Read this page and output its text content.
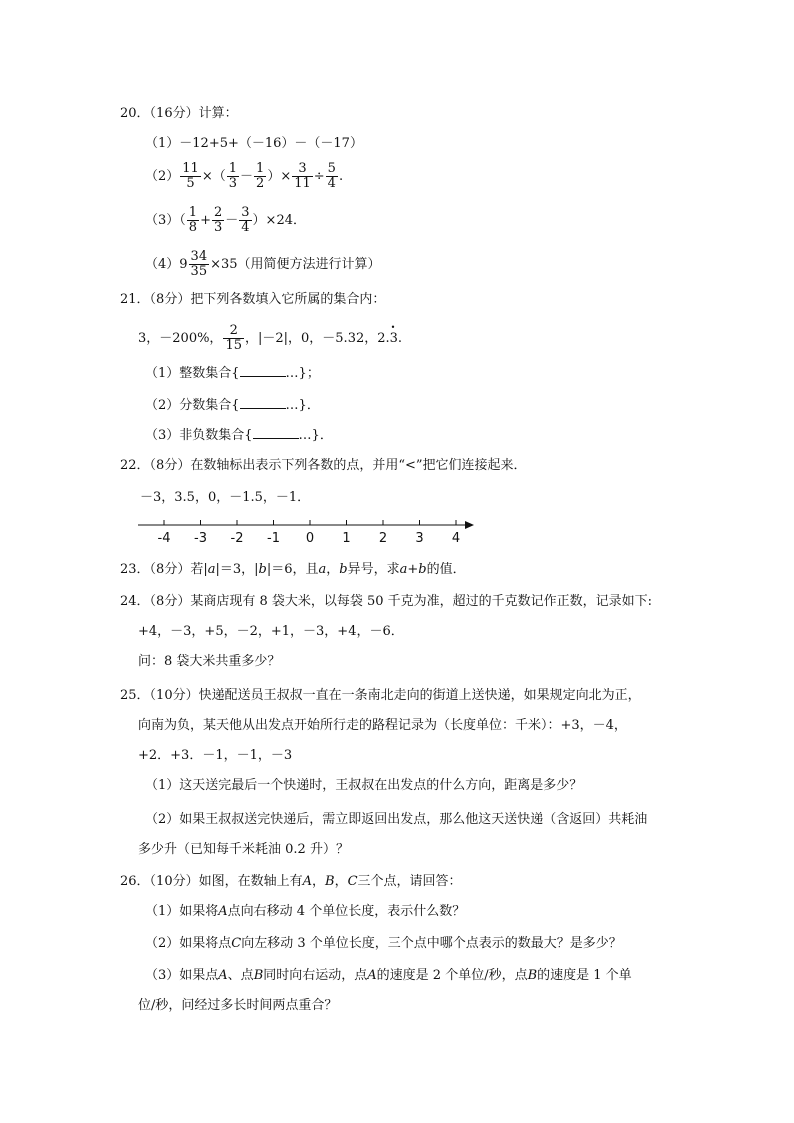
20．（16分）计算：
（1）－12+5+（－16）－（－17）
$(2) \frac{11}{5}$ ×（ $\frac{1}{3} - \frac{1}{2}$ ）× $\frac{3}{11} \div \frac{5}{4}$ .
$(3)( \frac{1}{8} + \frac{2}{3} - \frac{3}{4} )\times 24$．
$(4)9 \frac{34}{35} \times 35$（用简便方法进行计算）
21．（8分）把下列各数填入它所属的集合内：
3，－200%， $\frac{2}{15}$ ，|－2|，0，－5.32，2.• 3.
（1）整数集合{	…}；
（2）分数集合{	…}．
（3）非负数集合{	…}．
22．（8分）在数轴标出表示下列各数的点，并用“<”把它们连接起来．
－3，3.5，0，－1.5，－1．
-4 -3 -2 -1 0 1 2 3 4
23．（8分）若|a|＝3，|b|＝6，且a，b异号，求a+b的值．
24．（8分）某商店现有 8 袋大米，以每袋 50 千克为准，超过的千克数记作正数，记录如下:
+4，－3，+5，－2，+1，－3，+4，－6．
问：8 袋大米共重多少？
25．（10分）快递配送员王叔叔一直在一条南北走向的街道上送快递，如果规定向北为正，
向南为负，某天他从出发点开始所行走的路程记录为（长度单位：千米）：+3，－4，
+2．+3．－1，－1，－3
（1）这天送完最后一个快递时，王叔叔在出发点的什么方向，距离是多少？
（2）如果王叔叔送完快递后，需立即返回出发点，那么他这天送快递（含返回）共耗油
多少升（已知每千米耗油 0.2 升）？
26．（10分）如图，在数轴上有A，B，C三个点，请回答：
（1）如果将A点向右移动 4 个单位长度，表示什么数？
（2）如果将点C向左移动 3 个单位长度，三个点中哪个点表示的数最大？是多少？
（3）如果点A、点B同时向右运动，点A的速度是 2 个单位/秒，点B的速度是 1 个单
位/秒，问经过多长时间两点重合？
